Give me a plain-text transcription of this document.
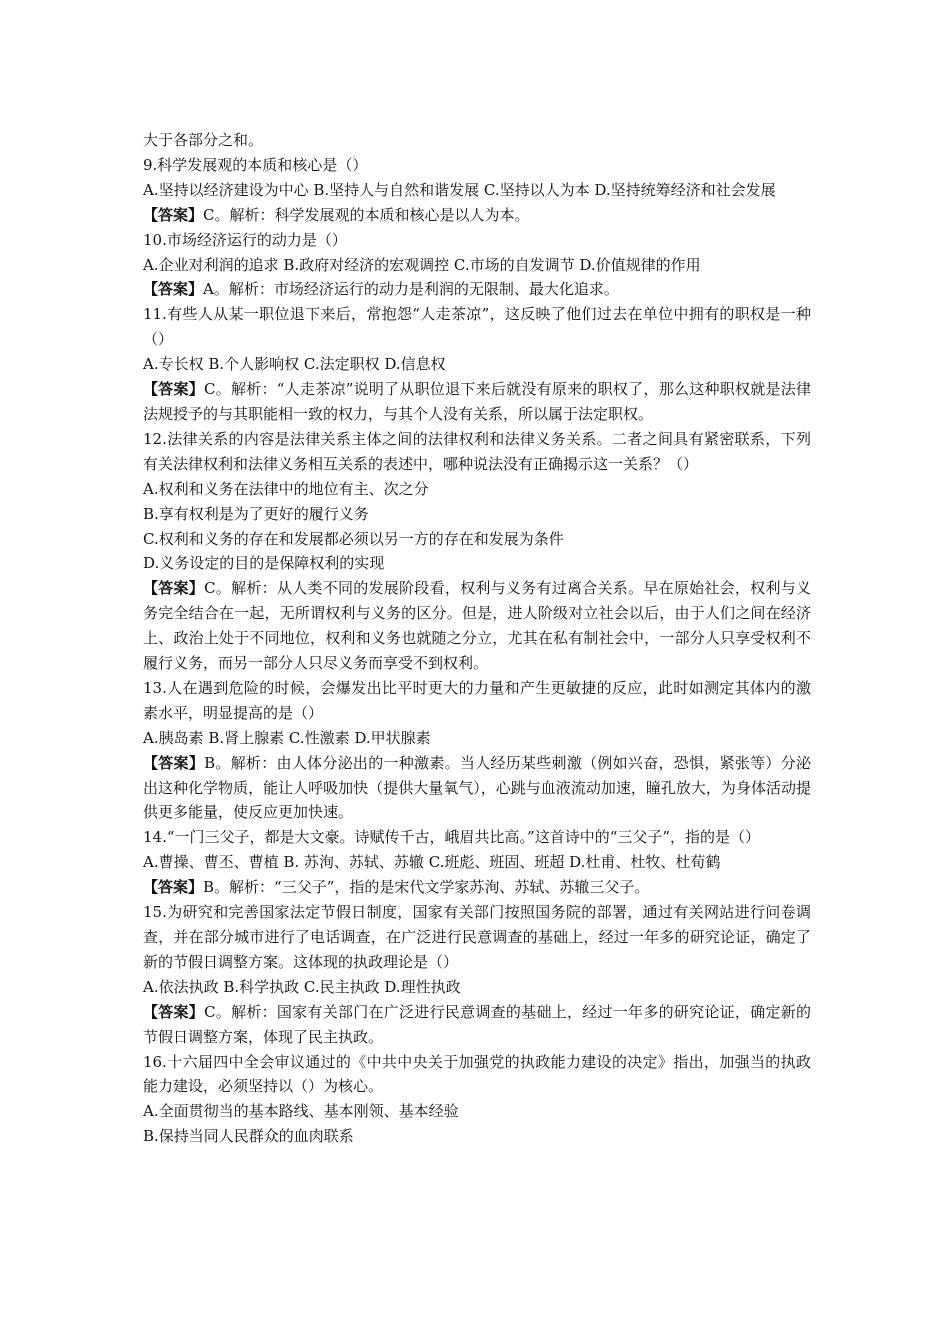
大于各部分之和。

9.科学发展观的本质和核心是（）

A.坚持以经济建设为中心 B.坚持人与自然和谐发展 C.坚持以人为本 D.坚持统筹经济和社会发展

【答案】C。解析：科学发展观的本质和核心是以人为本。

10.市场经济运行的动力是（）

A.企业对利润的追求 B.政府对经济的宏观调控 C.市场的自发调节 D.价值规律的作用

【答案】A。解析：市场经济运行的动力是利润的无限制、最大化追求。

11.有些人从某一职位退下来后，常抱怨“人走茶凉”，这反映了他们过去在单位中拥有的职权是一种（）

A.专长权 B.个人影响权 C.法定职权 D.信息权

【答案】C。解析：“人走茶凉”说明了从职位退下来后就没有原来的职权了，那么这种职权就是法律法规授予的与其职能相一致的权力，与其个人没有关系，所以属于法定职权。

12.法律关系的内容是法律关系主体之间的法律权利和法律义务关系。二者之间具有紧密联系，下列有关法律权利和法律义务相互关系的表述中，哪种说法没有正确揭示这一关系？（）

A.权利和义务在法律中的地位有主、次之分

B.享有权利是为了更好的履行义务

C.权利和义务的存在和发展都必须以另一方的存在和发展为条件

D.义务设定的目的是保障权利的实现

【答案】C。解析：从人类不同的发展阶段看，权利与义务有过离合关系。早在原始社会，权利与义务完全结合在一起，无所谓权利与义务的区分。但是，进人阶级对立社会以后，由于人们之间在经济上、政治上处于不同地位，权利和义务也就随之分立，尤其在私有制社会中，一部分人只享受权利不履行义务，而另一部分人只尽义务而享受不到权利。

13.人在遇到危险的时候，会爆发出比平时更大的力量和产生更敏捷的反应，此时如测定其体内的激素水平，明显提高的是（）

A.胰岛素 B.肾上腺素 C.性激素 D.甲状腺素

【答案】B。解析：由人体分泌出的一种激素。当人经历某些刺激（例如兴奋，恐惧，紧张等）分泌出这种化学物质，能让人呼吸加快（提供大量氧气），心跳与血液流动加速，瞳孔放大，为身体活动提供更多能量，使反应更加快速。

14.“一门三父子，都是大文豪。诗赋传千古，峨眉共比高。”这首诗中的“三父子”，指的是（）

A.曹操、曹丕、曹植 B. 苏洵、苏轼、苏辙 C.班彪、班固、班超 D.杜甫、杜牧、杜荀鹤

【答案】B。解析：“三父子”，指的是宋代文学家苏洵、苏轼、苏辙三父子。

15.为研究和完善国家法定节假日制度，国家有关部门按照国务院的部署，通过有关网站进行问卷调查，并在部分城市进行了电话调查，在广泛进行民意调查的基础上，经过一年多的研究论证，确定了新的节假日调整方案。这体现的执政理论是（）

A.依法执政 B.科学执政 C.民主执政 D.理性执政

【答案】C。解析：国家有关部门在广泛进行民意调查的基础上，经过一年多的研究论证，确定新的节假日调整方案，体现了民主执政。

16.十六届四中全会审议通过的《中共中央关于加强党的执政能力建设的决定》指出，加强当的执政能力建设，必须坚持以（）为核心。

A.全面贯彻当的基本路线、基本刚领、基本经验

B.保持当同人民群众的血肉联系
